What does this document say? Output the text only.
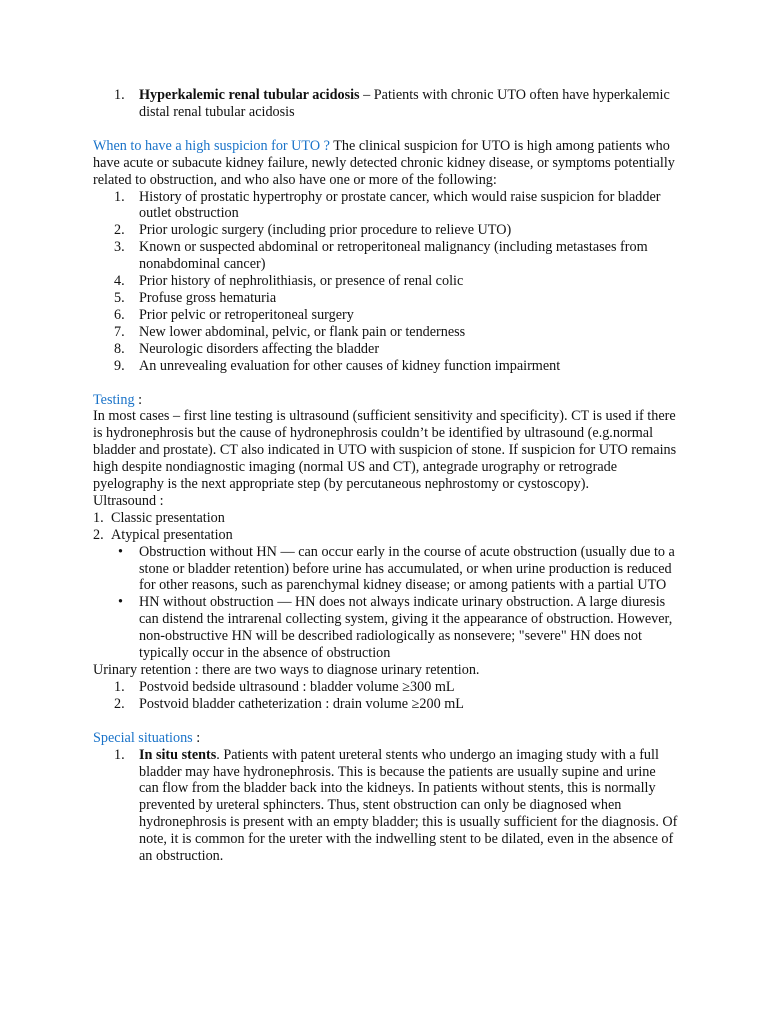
1. Hyperkalemic renal tubular acidosis – Patients with chronic UTO often have hyperkalemic distal renal tubular acidosis
When to have a high suspicion for UTO ? The clinical suspicion for UTO is high among patients who have acute or subacute kidney failure, newly detected chronic kidney disease, or symptoms potentially related to obstruction, and who also have one or more of the following:
1. History of prostatic hypertrophy or prostate cancer, which would raise suspicion for bladder outlet obstruction
2. Prior urologic surgery (including prior procedure to relieve UTO)
3. Known or suspected abdominal or retroperitoneal malignancy (including metastases from nonabdominal cancer)
4. Prior history of nephrolithiasis, or presence of renal colic
5. Profuse gross hematuria
6. Prior pelvic or retroperitoneal surgery
7. New lower abdominal, pelvic, or flank pain or tenderness
8. Neurologic disorders affecting the bladder
9. An unrevealing evaluation for other causes of kidney function impairment
Testing :
In most cases – first line testing is ultrasound (sufficient sensitivity and specificity). CT is used if there is hydronephrosis but the cause of hydronephrosis couldn’t be identified by ultrasound (e.g.normal bladder and prostate). CT also indicated in UTO with suspicion of stone. If suspicion for UTO remains high despite nondiagnostic imaging (normal US and CT), antegrade urography or retrograde pyelography is the next appropriate step (by percutaneous nephrostomy or cystoscopy).
Ultrasound :
1. Classic presentation
2. Atypical presentation
• Obstruction without HN — can occur early in the course of acute obstruction (usually due to a stone or bladder retention) before urine has accumulated, or when urine production is reduced for other reasons, such as parenchymal kidney disease; or among patients with a partial UTO
• HN without obstruction — HN does not always indicate urinary obstruction. A large diuresis can distend the intrarenal collecting system, giving it the appearance of obstruction. However, non-obstructive HN will be described radiologically as nonsevere; "severe" HN does not typically occur in the absence of obstruction
Urinary retention : there are two ways to diagnose urinary retention.
1. Postvoid bedside ultrasound : bladder volume ≥300 mL
2. Postvoid bladder catheterization : drain volume ≥200 mL
Special situations :
1. In situ stents. Patients with patent ureteral stents who undergo an imaging study with a full bladder may have hydronephrosis. This is because the patients are usually supine and urine can flow from the bladder back into the kidneys. In patients without stents, this is normally prevented by ureteral sphincters. Thus, stent obstruction can only be diagnosed when hydronephrosis is present with an empty bladder; this is usually sufficient for the diagnosis. Of note, it is common for the ureter with the indwelling stent to be dilated, even in the absence of an obstruction.
